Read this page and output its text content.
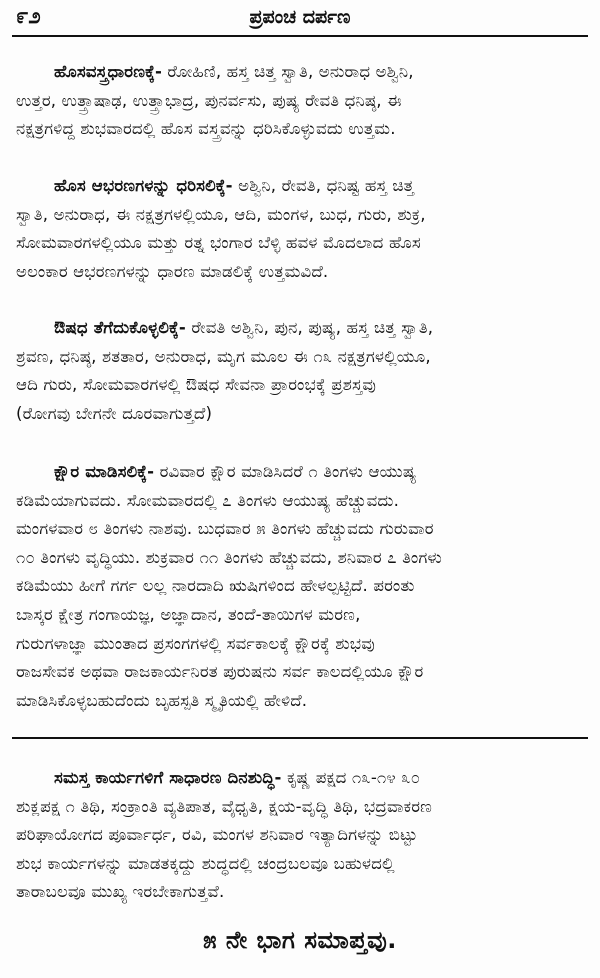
೯೨	ಪ್ರಪಂಚ ದರ್ಪಣ
ಹೊಸವಸ್ತ್ರಧಾರಣಕ್ಕೆ- ರೋಹಿಣಿ, ಹಸ್ತ ಚಿತ್ತ ಸ್ವಾತಿ, ಅನುರಾಧ ಅಶ್ವಿನಿ,
ಉತ್ತರ, ಉತ್ತ್ರಾಷಾಢ, ಉತ್ತ್ರಾಭಾದ್ರ, ಪುನರ್ವಸು, ಪುಷ್ಯ ರೇವತಿ ಧನಿಷ್ಠ, ಈ
ನಕ್ಷತ್ರಗಳಿದ್ದ ಶುಭವಾರದಲ್ಲಿ ಹೊಸ ವಸ್ತ್ರವನ್ನು ಧರಿಸಿಕೊಳ್ಳುವದು ಉತ್ತಮ.
ಹೊಸ ಆಭರಣಗಳನ್ನು ಧರಿಸಲಿಕ್ಕೆ- ಅಶ್ವಿನಿ, ರೇವತಿ, ಧನಿಷ್ಟ ಹಸ್ತ ಚಿತ್ತ
ಸ್ವಾತಿ, ಅನುರಾಧ, ಈ ನಕ್ಷತ್ರಗಳಲ್ಲಿಯೂ, ಆದಿ, ಮಂಗಳ, ಬುಧ, ಗುರು, ಶುಕ್ರ,
ಸೋಮವಾರಗಳಲ್ಲಿಯೂ ಮತ್ತು ರತ್ನ ಭಂಗಾರ ಬೆಳ್ಳಿ ಹವಳ ಮೊದಲಾದ ಹೊಸ
ಅಲಂಕಾರ ಆಭರಣಗಳನ್ನು ಧಾರಣ ಮಾಡಲಿಕ್ಕೆ ಉತ್ತಮವಿದೆ.
ಔಷಧ ತೆಗೆದುಕೊಳ್ಳಲಿಕ್ಕೆ- ರೇವತಿ ಅಶ್ವಿನಿ, ಪುನ, ಪುಷ್ಯ, ಹಸ್ತ ಚಿತ್ತ ಸ್ವಾತಿ,
ಶ್ರವಣ, ಧನಿಷ್ಠ, ಶತತಾರ, ಅನುರಾಧ, ಮೃಗ ಮೂಲ ಈ ೧೩ ನಕ್ಷತ್ರಗಳಲ್ಲಿಯೂ,
ಆದಿ ಗುರು, ಸೋಮವಾರಗಳಲ್ಲಿ ಔಷಧ ಸೇವನಾ ಪ್ರಾರಂಭಕ್ಕೆ ಪ್ರಶಸ್ತವು
(ರೋಗವು ಬೇಗನೇ ದೂರವಾಗುತ್ತದೆ)
ಕ್ಷೌರ ಮಾಡಿಸಲಿಕ್ಕೆ- ರವಿವಾರ ಕ್ಷೌರ ಮಾಡಿಸಿದರೆ ೧ ತಿಂಗಳು ಆಯುಷ್ಯ
ಕಡಿಮೆಯಾಗುವದು. ಸೋಮವಾರದಲ್ಲಿ ೭ ತಿಂಗಳು ಆಯುಷ್ಯ ಹೆಚ್ಚುವದು.
ಮಂಗಳವಾರ ೮ ತಿಂಗಳು ನಾಶವು. ಬುಧವಾರ ೫ ತಿಂಗಳು ಹೆಚ್ಚುವದು ಗುರುವಾರ
೧೦ ತಿಂಗಳು ವೃದ್ಧಿಯು. ಶುಕ್ರವಾರ ೧೧ ತಿಂಗಳು ಹೆಚ್ಚುವದು, ಶನಿವಾರ ೭ ತಿಂಗಳು
ಕಡಿಮೆಯು ಹೀಗೆ ಗರ್ಗ ಲಲ್ಲ ನಾರದಾದಿ ಋಷಿಗಳಿಂದ ಹೇಳಲ್ಪಟ್ಟಿದೆ. ಪರಂತು
ಬಾಸ್ಕರ ಕ್ಷೇತ್ರ ಗಂಗಾಯಜ್ಞ, ಅಜ್ಞಾದಾನ, ತಂದೆ-ತಾಯಿಗಳ ಮರಣ,
ಗುರುಗಳಾಜ್ಞಾ ಮುಂತಾದ ಪ್ರಸಂಗಗಳಲ್ಲಿ ಸರ್ವಕಾಲಕ್ಕೆ ಕ್ಷೌರಕ್ಕೆ ಶುಭವು
ರಾಜಸೇವಕ ಅಥವಾ ರಾಜಕಾರ್ಯನಿರತ ಪುರುಷನು ಸರ್ವ ಕಾಲದಲ್ಲಿಯೂ ಕ್ಷೌರ
ಮಾಡಿಸಿಕೊಳ್ಳಬಹುದೆಂದು ಬೃಹಸ್ಪತಿ ಸ್ಮೃತಿಯಲ್ಲಿ ಹೇಳಿದೆ.
ಸಮಸ್ತ ಕಾರ್ಯಗಳಿಗೆ ಸಾಧಾರಣ ದಿನಶುದ್ಧಿ- ಕೃಷ್ಣ ಪಕ್ಷದ ೧೩-೧೪ ೩೦
ಶುಕ್ಲಪಕ್ಷ ೧ ತಿಥಿ, ಸಂಕ್ರಾಂತಿ ವ್ಯತಿಪಾತ, ವೈಧೃತಿ, ಕ್ಷಯ-ವೃದ್ಧಿ ತಿಥಿ, ಭದ್ರವಾಕರಣ
ಪರಿಘಾಯೋಗದ ಪೂರ್ವಾರ್ಧ, ರವಿ, ಮಂಗಳ ಶನಿವಾರ ಇತ್ಯಾದಿಗಳನ್ನು ಬಿಟ್ಟು
ಶುಭ ಕಾರ್ಯಗಳನ್ನು ಮಾಡತಕ್ಕದ್ದು ಶುದ್ಧದಲ್ಲಿ ಚಂದ್ರಬಲವೂ ಬಹುಳದಲ್ಲಿ
ತಾರಾಬಲವೂ ಮುಖ್ಯ ಇರಬೇಕಾಗುತ್ತವೆ.
೫ ನೇ ಭಾಗ ಸಮಾಪ್ತವು.
